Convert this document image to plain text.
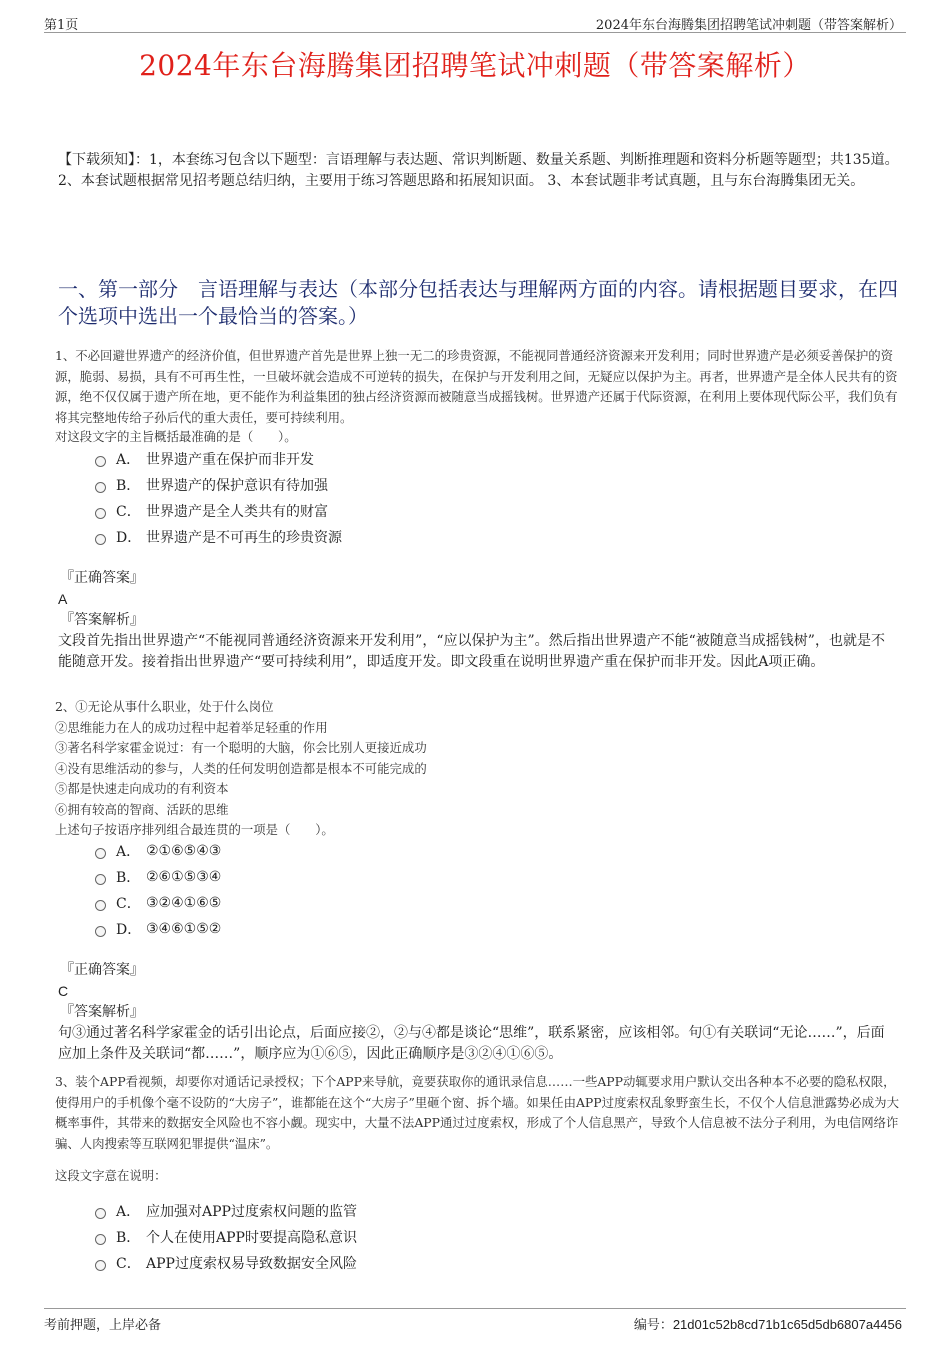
第1页	2024年东台海腾集团招聘笔试冲刺题（带答案解析）
2024年东台海腾集团招聘笔试冲刺题（带答案解析）
【下载须知】：1，本套练习包含以下题型：言语理解与表达题、常识判断题、数量关系题、判断推理题和资料分析题等题型；共135道。 2、本套试题根据常见招考题总结归纳，主要用于练习答题思路和拓展知识面。 3、本套试题非考试真题，且与东台海腾集团无关。
一、第一部分　言语理解与表达（本部分包括表达与理解两方面的内容。请根据题目要求，在四个选项中选出一个最恰当的答案。）
1、不必回避世界遗产的经济价值，但世界遗产首先是世界上独一无二的珍贵资源，不能视同普通经济资源来开发利用；同时世界遗产是必须妥善保护的资源，脆弱、易损，具有不可再生性，一旦破坏就会造成不可逆转的损失，在保护与开发利用之间，无疑应以保护为主。再者，世界遗产是全体人民共有的资源，绝不仅仅属于遗产所在地，更不能作为利益集团的独占经济资源而被随意当成摇钱树。世界遗产还属于代际资源，在利用上要体现代际公平，我们负有将其完整地传给子孙后代的重大责任，要可持续利用。
对这段文字的主旨概括最准确的是（　　）。
A． 世界遗产重在保护而非开发
B． 世界遗产的保护意识有待加强
C． 世界遗产是全人类共有的财富
D． 世界遗产是不可再生的珍贵资源
『正确答案』
A
『答案解析』
文段首先指出世界遗产“不能视同普通经济资源来开发利用”，“应以保护为主”。然后指出世界遗产不能“被随意当成摇钱树”，也就是不能随意开发。接着指出世界遗产“要可持续利用”，即适度开发。即文段重在说明世界遗产重在保护而非开发。因此A项正确。
2、①无论从事什么职业，处于什么岗位
②思维能力在人的成功过程中起着举足轻重的作用
③著名科学家霍金说过：有一个聪明的大脑，你会比别人更接近成功
④没有思维活动的参与，人类的任何发明创造都是根本不可能完成的
⑤都是快速走向成功的有利资本
⑥拥有较高的智商、活跃的思维
上述句子按语序排列组合最连贯的一项是（　　）。
A． ②①⑥⑤④③
B． ②⑥①⑤③④
C． ③②④①⑥⑤
D． ③④⑥①⑤②
『正确答案』
C
『答案解析』
句③通过著名科学家霍金的话引出论点，后面应接②，②与④都是谈论“思维”，联系紧密，应该相邻。句①有关联词“无论……”，后面应加上条件及关联词“都……”，顺序应为①⑥⑤，因此正确顺序是③②④①⑥⑤。
3、装个APP看视频，却要你对通话记录授权；下个APP来导航，竟要获取你的通讯录信息……一些APP动辄要求用户默认交出各种本不必要的隐私权限，使得用户的手机像个毫不设防的“大房子”，谁都能在这个“大房子”里砸个窗、拆个墙。如果任由APP过度索权乱象野蛮生长，不仅个人信息泄露势必成为大概率事件，其带来的数据安全风险也不容小觑。现实中，大量不法APP通过过度索权，形成了个人信息黑产，导致个人信息被不法分子利用，为电信网络诈骗、人肉搜索等互联网犯罪提供“温床”。
这段文字意在说明：
A． 应加强对APP过度索权问题的监管
B． 个人在使用APP时要提高隐私意识
C． APP过度索权易导致数据安全风险
考前押题，上岸必备	编号：21d01c52b8cd71b1c65d5db6807a4456
